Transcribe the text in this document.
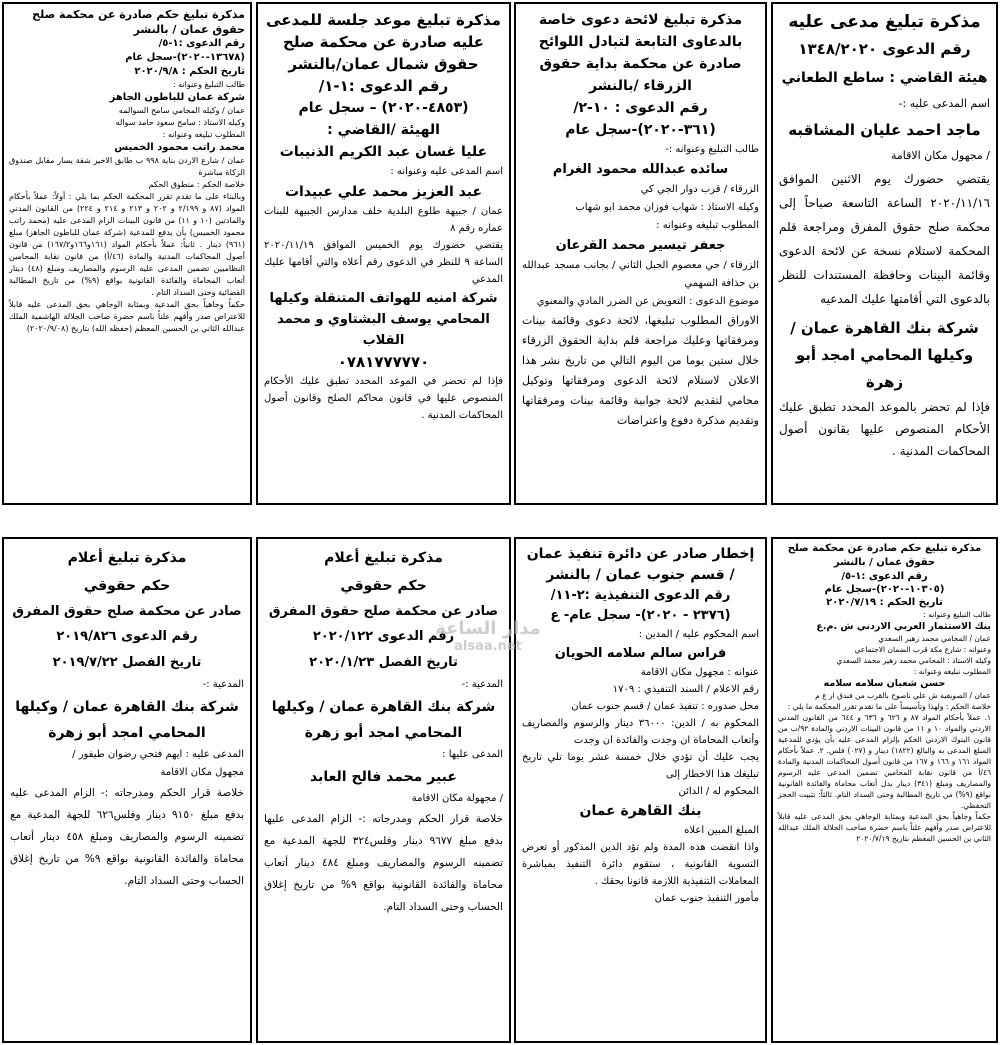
مذكرة تبليغ مدعى عليه

رقم الدعوى ١٣٤٨/٢٠٢٠

هيئة القاضي : ساطع الطعاني

اسم المدعى عليه :-

ماجد احمد عليان المشاقبه

/ مجهول مكان الاقامة

يقتضي حضورك يوم الاثنين الموافق ٢٠٢٠/١١/١٦ الساعة التاسعة صباحاً إلى محكمة صلح حقوق المفرق ومراجعة قلم المحكمة لاستلام نسخة عن لائحة الدعوى وقائمة البينات وحافظة المستندات للنظر بالدعوى التي أقامتها عليك المدعيه

شركة بنك القاهرة عمان / وكيلها المحامي امجد أبو زهرة

فإذا لم تحضر بالموعد المحدد تطبق عليك الأحكام المنصوص عليها بقانون أصول المحاكمات المدنية .

مذكرة تبليغ لائحة دعوى خاصة بالدعاوى التابعة لتبادل اللوائح صادرة عن محكمة بداية حقوق الزرقاء /بالنشر

رقم الدعوى : ١٠-٢/

(٣٦١-٢٠٢٠)-سجل عام

طالب التبليغ وعنوانه :-

سائده عبدالله محمود الغرام

الزرقاء / قرب دوار الجي كي

وكيله الاستاذ : شهاب فوزان محمد ابو شهاب

المطلوب تبليغه وعنوانه :

جعفر تيسير محمد القرعان

الزرقاء / حي معصوم الجبل الثاني / بجانب مسجد عبدالله بن حذافة السهمي

موضوع الدعوى : التعويض عن الضرر المادي والمعنوي

الاوراق المطلوب تبليغها، لائحة دعوى وقائمة بينات ومرفقاتها وعليك مراجعة قلم بداية الحقوق الزرقاء خلال ستين يوما من اليوم التالي من تاريخ نشر هذا الاعلان لاستلام لائحة الدعوى ومرفقاتها وتوكيل محامي لتقديم لائحة جوابية وقائمة بينات ومرفقاتها وتقديم مذكرة دفوع واعتراضات

مذكرة تبليغ موعد جلسة للمدعى عليه صادرة عن محكمة صلح حقوق شمال عمان/بالنشر

رقم الدعوى :١-١/

(٤٨٥٣-٢٠٢٠) – سجل عام

الهيئة /القاضي :

عليا غسان عبد الكريم الذنيبات

اسم المدعى عليه وعنوانه :

عبد العزيز محمد علي عبيدات

عمان / جبيهة طلوع البلدية خلف مدارس الجبيهة للبنات عماره رقم ٨

يقتضي حضورك يوم الخميس الموافق ٢٠٢٠/١١/١٩ الساعة ٩ للنظر في الدعوى رقم أعلاه والتي أقامها عليك المدعي

شركة امنيه للهواتف المتنقلة وكيلها المحامي يوسف البشتاوي و محمد القلاب

٠٧٨١٧٧٧٧٧٠

فإذا لم تحضر في الموعد المحدد تطبق عليك الأحكام المنصوص عليها في قانون محاكم الصلح وقانون أصول المحاكمات المدنية .

مذكرة تبليغ حكم صادرة عن محكمة صلح حقوق عمان / بالنشر

رقم الدعوى :١-٥/

(١٣٦٧٨-٢٠٢٠)-سجل عام

تاريخ الحكم : ٢٠٢٠/٩/٨

طالب التبليغ وعنوانه :

شركة عمان للباطون الجاهز

عمان / وكيله المحامي سامح السوالمه

وكيله الاستاذ : سامح سعود حامد سواله

المطلوب تبليغه وعنوانه :

محمد راتب محمود الخميس

عمان / شارع الاردن بناية ٩٩٨ ب طابق الاخير شقة يسار مقابل صندوق الزكاة مباشرة

خلاصة الحكم : منطوق الحكم

وبالبناء على ما تقدم تقرر المحكمة الحكم بما يلي : أولاً: عملاً بأحكام المواد (٨٧ و ٢/١٩٩ و ٢٠٢ و ٢١٣ و ٢١٤ و ٢٢٤) من القانون المدني والمادتين (١٠ و ١١) من قانون البينات الزام المدعى عليه (محمد راتب محمود الخميس) بأن يدفع للمدعية (شركة عمان للباطون الجاهز) مبلغ (٩٦١) دينار . ثانياً: عملاً بأحكام المواد (١٦١و١٦٦و١٦٧/٢) من قانون أصول المحاكمات المدنية والمادة (٤٦/أ) من قانون نقابة المحامين النظاميين تضمين المدعى عليه الرسوم والمصاريف ومبلغ (٤٨) دينار أتعاب المحاماة والفائدة القانونية بواقع (٩%) من تاريخ المطالبة القضائية وحتى السداد التام .

حكماً وجاهياً بحق المدعية وبمثابة الوجاهي بحق المدعى عليه قابلاً للاعتراض صدر وأفهم علناً باسم حضرة صاحب الجلالة الهاشمية الملك عبدالله الثاني بن الحسين المعظم (حفظه الله) بتاريخ (٢٠٢٠/٩/٠٨)

مذكرة تبليغ حكم صادرة عن محكمة صلح حقوق عمان / بالنشر

رقم الدعوى :١-٥/

(١٠٣٠٥-٢٠٢٠)-سجل عام

تاريخ الحكم : ٢٠٢٠/٧/١٩

طالب التبليغ وعنوانه :

بنك الاستثمار العربي الاردني ش .م.ع

عمان / المحامي محمد زهير السعدي

وعنوانه : شارع مكة قرب الضمان الاجتماعي

وكيله الاستاذ : المحامي محمد زهير محمد السعدي

المطلوب تبليغه وعنوانه :

حسن شعبان سلامه سلامه

عمان / الصويفيه ش علي ناصوح بالقرب من فندق ار ع م

خلاصة الحكم : ولهذا وتأسيساً على ما تقدم تقرر المحكمة ما يلي :

١. عملاً بأحكام المواد ٨٧ و ٦٢٦ و ٦٣٦ و ٦٤٤ من القانون المدني الاردني والمواد ١٠ و ١١ من قانون البينات الاردني والمادة ٩٢/ب من قانون البنوك الاردني الحكم بإلزام المدعى عليه بأن يؤدي للمدعية المبلغ المدعى به والبالغ (١٨٢٢) دينار و (٠٢٧) فلس. ٢. عملاً بأحكام المواد ١٦١ و ١٦٦ و ١٦٧ من قانون أصول المحاكمات المدنية والمادة ٤٦/أ من قانون نقابة المحامين تضمين المدعى عليه الرسوم والمصاريف ومبلغ (٣٤١) دينار بدل أتعاب محاماة والفائدة القانونية بواقع (٩%) من تاريخ المطالبة وحتى السداد التام. ثالثاً: تثبيت الحجز التحفظي.

حكماً وجاهياً بحق المدعية وبمثابة الوجاهي بحق المدعى عليه قابلاً للاعتراض صدر وأفهم علناً باسم حضرة صاحب الجلالة الملك عبدالله الثاني بن الحسين المعظم بتاريخ ٢٠٢٠/٧/١٩

إخطار صادر عن دائرة تنفيذ عمان / قسم جنوب عمان / بالنشر

رقم الدعوى التنفيذية :٢-١١/

(٢٣٧٦ - ٢٠٢٠)- سجل عام- ع

اسم المحكوم عليه / المدين :

فراس سالم سلامه الحويان

عنوانه : مجهول مكان الاقامة

رقم الاعلام / السند التنفيذي : ١٧٠٩

محل صدوره : تنفيذ عمان / قسم جنوب عمان

المحكوم به / الدين: ٣٦٠٠٠ دينار والرسوم والمصاريف وأتعاب المحاماة ان وجدت والفائدة ان وجدت

يجب عليك أن تؤدي خلال خمسة عشر يوما تلي تاريخ تبليغك هذا الاخطار إلى

المحكوم له / الدائن

بنك القاهرة عمان

المبلغ المبين اعلاه

واذا انقضت هذه المدة ولم تؤد الدين المذكور أو تعرض التسوية القانونية ، ستقوم دائرة التنفيذ بمباشرة المعاملات التنفيذية اللازمة قانونا بحقك .

مأمور التنفيذ جنوب عمان

مذكرة تبليغ أعلام

حكم حقوقي

صادر عن محكمة صلح حقوق المفرق

رقم الدعوى ٢٠٢٠/١٢٢

تاريخ الفصل ٢٠٢٠/١/٢٣

المدعية :-

شركة بنك القاهرة عمان / وكيلها المحامي امجد أبو زهرة

المدعى عليها :

عبير محمد فالح العابد

/ مجهولة مكان الاقامة

خلاصة قرار الحكم ومدرجاته :- الزام المدعى عليها بدفع مبلغ ٩٦٧٧ دينار وفلس٣٢٤ للجهة المدعية مع تضمينه الرسوم والمصاريف ومبلغ ٤٨٤ دينار أتعاب محاماة والفائدة القانونية بواقع ٩% من تاريخ إغلاق الحساب وحتى السداد التام.

مذكرة تبليغ أعلام

حكم حقوقي

صادر عن محكمة صلح حقوق المفرق

رقم الدعوى ٢٠١٩/٨٢٦

تاريخ الفصل ٢٠١٩/٧/٢٢

المدعية :-

شركة بنك القاهرة عمان / وكيلها المحامي امجد أبو زهرة

المدعى عليه : ايهم فتحي رضوان طيفور /

مجهول مكان الاقامة

خلاصة قرار الحكم ومدرجاته :- الزام المدعى عليه بدفع مبلغ ٩١٥٠ دينار وفلس٦٢٦ للجهة المدعية مع تضمينه الرسوم والمصاريف ومبلغ ٤٥٨ دينار أتعاب محاماة والفائدة القانونية بواقع ٩% من تاريخ إغلاق الحساب وحتى السداد التام.

مدار الساعة
alsaa.net
